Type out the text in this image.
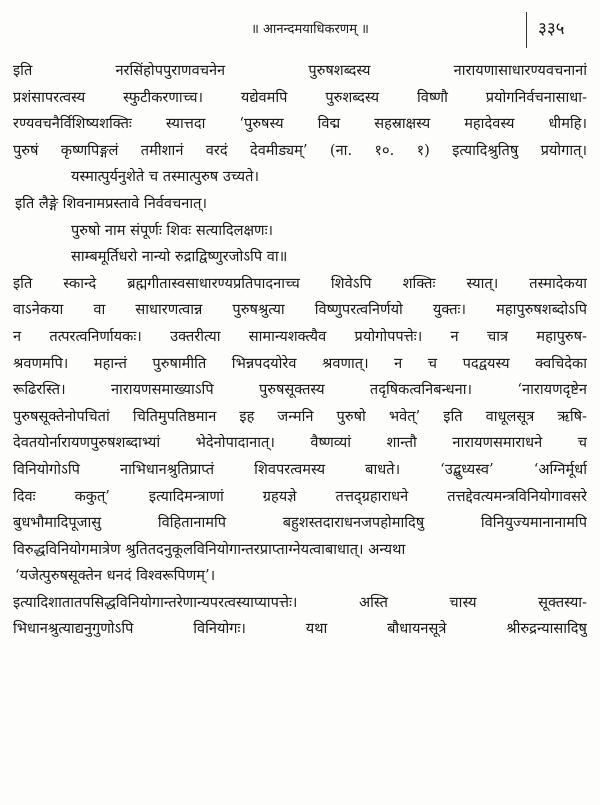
॥ आनन्दमयाधिकरणम् ॥	३३५
इति नरसिंहोपपुराणवचनेन पुरुषशब्दस्य नारायणासाधारण्यवचनानां
प्रशंसापरत्वस्य स्फुटीकरणाच्च। यद्येवमपि पुरुशब्दस्य विष्णौ प्रयोगनिर्वचनासाधा-
रण्यवचनैर्विशिष्यशक्तिः स्यात्तदा ‘पुरुषस्य विद्म सहस्राक्षस्य महादेवस्य धीमहि।
पुरुषं कृष्णपिङ्गलं तमीशानं वरदं देवमीड्यम्’ (ना. १०. १) इत्यादिश्रुतिषु प्रयोगात्।
यस्मात्पुर्यनुशेते च तस्मात्पुरुष उच्यते।
इति लैङ्गे शिवनामप्रस्तावे निर्ववचनात्।
पुरुषो नाम संपूर्णः शिवः सत्यादिलक्षणः।
साम्बमूर्तिधरो नान्यो रुद्राद्विष्णुरजोऽपि वा॥
इति स्कान्दे ब्रह्मगीतास्वसाधारण्यप्रतिपादनाच्च शिवेऽपि शक्तिः स्यात्। तस्मादेकया
वाऽनेकया वा साधारणत्वान्न पुरुषश्रुत्या विष्णुपरत्वनिर्णयो युक्तः। महापुरुषशब्दोऽपि
न तत्परत्वनिर्णायकः। उक्तरीत्या सामान्यशक्त्यैव प्रयोगोपपत्तेः। न चात्र महापुरुष-
श्रवणमपि। महान्तं पुरुषामीति भिन्नपदयोरेव श्रवणात्। न च पदद्वयस्य क्वचिदेका
रूढिरस्ति। नारायणसमाख्याऽपि पुरुषसूक्तस्य तदृषिकत्वनिबन्धना। ‘नारायणदृष्टेन
पुरुषसूक्तेनोपचितां चितिमुपतिष्ठमान इह जन्मनि पुरुषो भवेत्’ इति वाधूलसूत्र ऋषि-
देवतयोर्नारायणपुरुषशब्दाभ्यां भेदेनोपादानात्। वैष्णव्यां शान्तौ नारायणसमाराधने च
विनियोगोऽपि नाभिधानश्रुतिप्राप्तं शिवपरत्वमस्य बाधते। ‘उद्बुध्यस्व’ ‘अग्निर्मूर्धा
दिवः ककुत्’ इत्यादिमन्त्राणां ग्रहयज्ञे तत्तद्ग्रहाराधने तत्तद्देवत्यमन्त्रविनियोगावसरे
बुधभौमादिपूजासु विहितानामपि बहुशस्तदाराधनजपहोमादिषु विनियुज्यमानानामपि
विरुद्धविनियोगमात्रेण श्रुतितदनुकूलविनियोगान्तरप्राप्ताग्नेयत्वाबाधात्। अन्यथा
‘यजेत्पुरुषसूक्तेन धनदं विश्वरूपिणम्’।
इत्यादिशातातपसिद्धविनियोगान्तरेणान्यपरत्वस्याप्यापत्तेः। अस्ति चास्य सूक्तस्या-
भिधानश्रुत्याद्यनुगुणोऽपि विनियोगः। यथा बौधायनसूत्रे श्रीरुद्रन्यासादिषु
